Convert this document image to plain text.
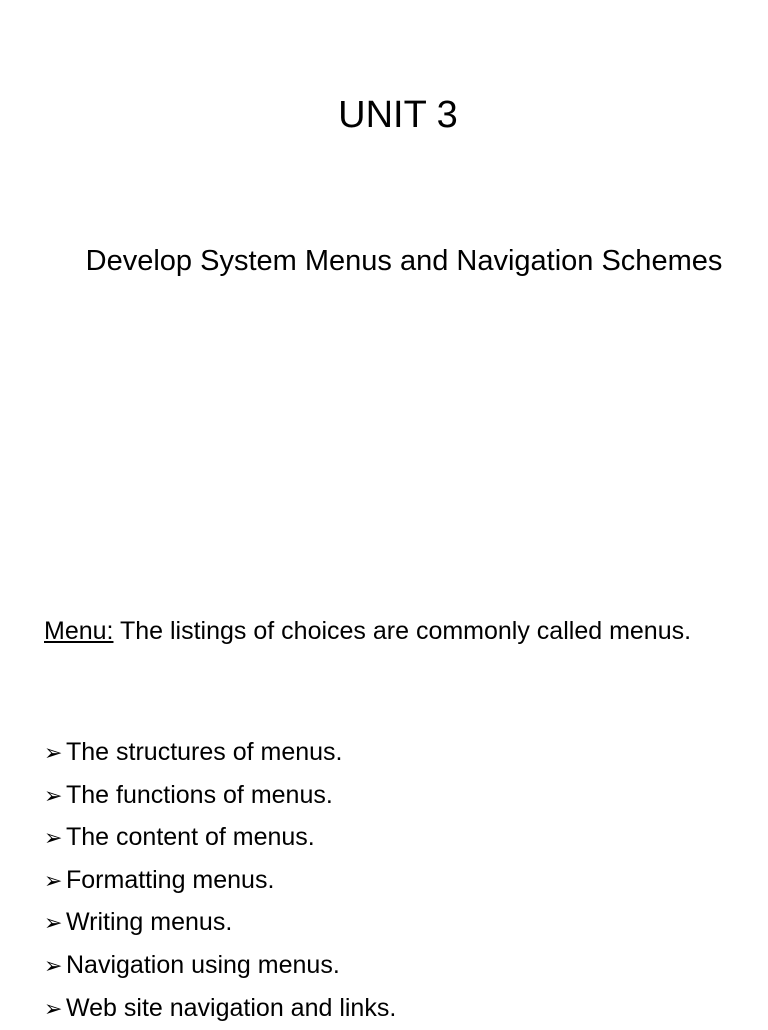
UNIT 3

Develop System Menus and Navigation Schemes

Menu: The listings of choices are commonly called menus.

➢ The structures of menus.
➢ The functions of menus.
➢ The content of menus.
➢ Formatting menus.
➢ Writing menus.
➢ Navigation using menus.
➢ Web site navigation and links.
